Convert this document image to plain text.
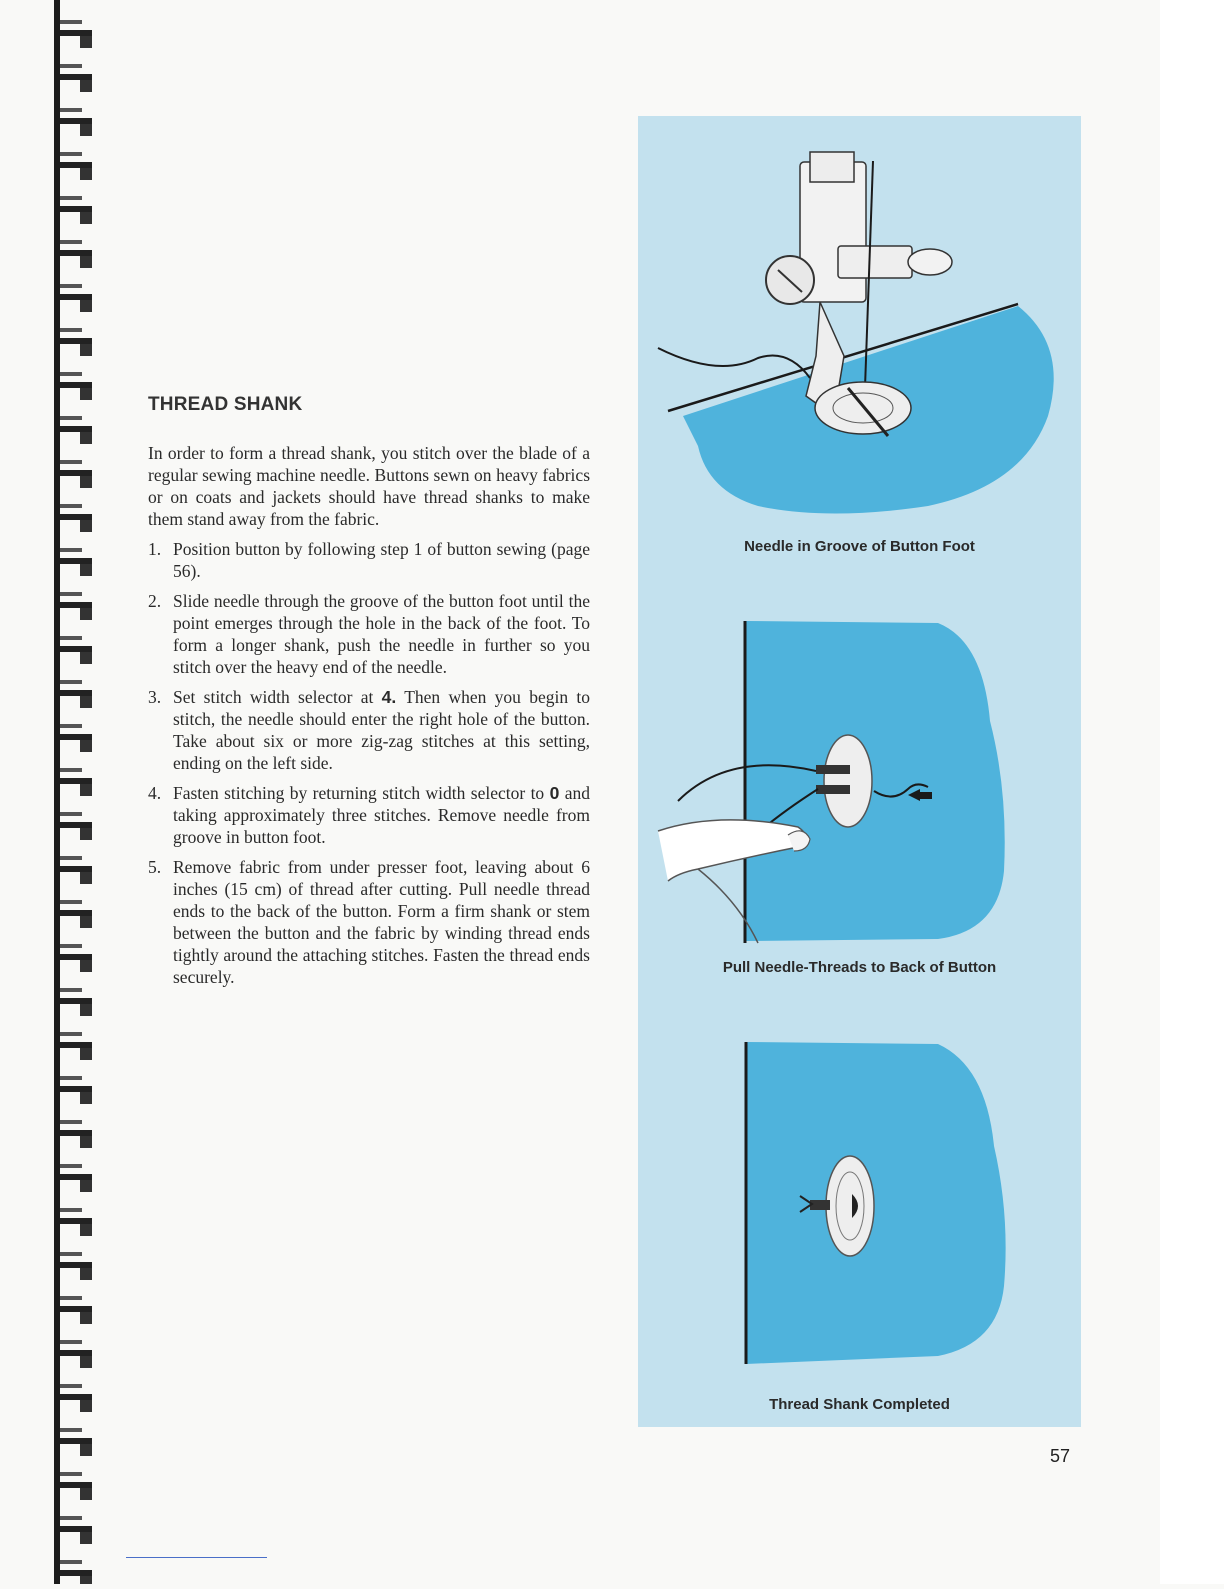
THREAD SHANK

In order to form a thread shank, you stitch over the blade of a regular sewing machine needle. Buttons sewn on heavy fabrics or on coats and jackets should have thread shanks to make them stand away from the fabric.

1. Position button by following step 1 of button sewing (page 56).
2. Slide needle through the groove of the button foot until the point emerges through the hole in the back of the foot. To form a longer shank, push the needle in further so you stitch over the heavy end of the needle.
3. Set stitch width selector at 4. Then when you begin to stitch, the needle should enter the right hole of the button. Take about six or more zig-zag stitches at this setting, ending on the left side.
4. Fasten stitching by returning stitch width selector to 0 and taking approximately three stitches. Remove needle from groove in button foot.
5. Remove fabric from under presser foot, leaving about 6 inches (15 cm) of thread after cutting. Pull needle thread ends to the back of the button. Form a firm shank or stem between the button and the fabric by winding thread ends tightly around the attaching stitches. Fasten the thread ends securely.
Needle in Groove of Button Foot
Pull Needle-Threads to Back of Button
Thread Shank Completed
57
